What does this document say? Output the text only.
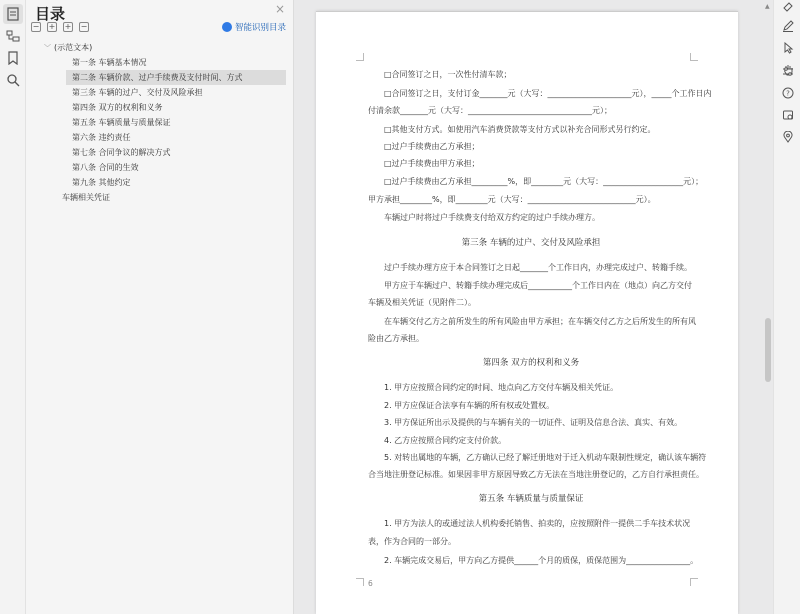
目录	×
− + + −	智能识别目录
﹀ (示范文本)
第一条 车辆基本情况
第二条 车辆价款、过户手续费及支付时间、方式
第三条 车辆的过户、交付及风险承担
第四条 双方的权利和义务
第五条 车辆质量与质量保证
第六条 违约责任
第七条 合同争议的解决方式
第八条 合同的生效
第九条 其他约定
车辆相关凭证
□合同签订之日，一次性付清车款；
□合同签订之日，支付订金_______元（大写：_____________________元），_____个工作日内
付清余款_______元（大写：_______________________________元）；
□其他支付方式。如使用汽车消费贷款等支付方式以补充合同形式另行约定。
□过户手续费由乙方承担；
□过户手续费由甲方承担；
□过户手续费由乙方承担_________%，即________元（大写：____________________元）；
甲方承担________%，即________元（大写：___________________________元）。
车辆过户时将过户手续费支付给双方约定的过户手续办理方。
第三条 车辆的过户、交付及风险承担
过户手续办理方应于本合同签订之日起_______个工作日内，办理完成过户、转籍手续。
甲方应于车辆过户、转籍手续办理完成后___________个工作日内在（地点）向乙方交付
车辆及相关凭证（见附件二）。
在车辆交付乙方之前所发生的所有风险由甲方承担；在车辆交付乙方之后所发生的所有风
险由乙方承担。
第四条 双方的权利和义务
1. 甲方应按照合同约定的时间、地点向乙方交付车辆及相关凭证。
2. 甲方应保证合法享有车辆的所有权或处置权。
3. 甲方保证所出示及提供的与车辆有关的一切证件、证明及信息合法、真实、有效。
4. 乙方应按照合同约定支付价款。
5. 对转出属地的车辆，乙方确认已经了解迁册地对于迁入机动车限制性规定，确认该车辆符
合当地注册登记标准。如果因非甲方原因导致乙方无法在当地注册登记的，乙方自行承担责任。
第五条 车辆质量与质量保证
1. 甲方为法人的或通过法人机构委托销售、拍卖的，应按照附件一提供二手车技术状况
表，作为合同的一部分。
2. 车辆完成交易后，甲方向乙方提供______个月的质保，质保范围为________________。
6
▲
?
